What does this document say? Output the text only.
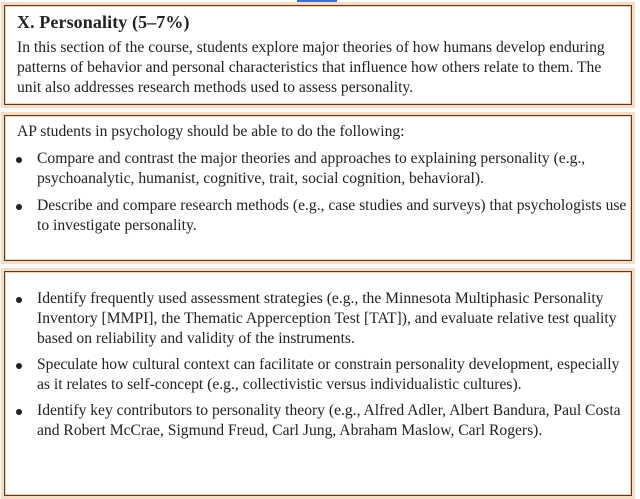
X. Personality (5–7%)

In this section of the course, students explore major theories of how humans develop enduring patterns of behavior and personal characteristics that influence how others relate to them. The unit also addresses research methods used to assess personality.

AP students in psychology should be able to do the following:
Compare and contrast the major theories and approaches to explaining personality (e.g., psychoanalytic, humanist, cognitive, trait, social cognition, behavioral).
Describe and compare research methods (e.g., case studies and surveys) that psychologists use to investigate personality.
Identify frequently used assessment strategies (e.g., the Minnesota Multiphasic Personality Inventory [MMPI], the Thematic Apperception Test [TAT]), and evaluate relative test quality based on reliability and validity of the instruments.
Speculate how cultural context can facilitate or constrain personality development, especially as it relates to self-concept (e.g., collectivistic versus individualistic cultures).
Identify key contributors to personality theory (e.g., Alfred Adler, Albert Bandura, Paul Costa and Robert McCrae, Sigmund Freud, Carl Jung, Abraham Maslow, Carl Rogers).
